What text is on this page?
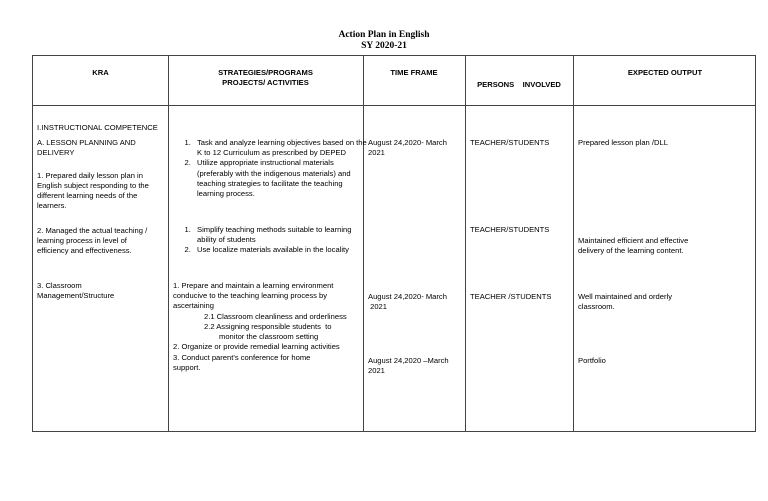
Action Plan in English
SY 2020-21
KRA	STRATEGIES/PROGRAMS
PROJECTS/ ACTIVITIES
TIME FRAME
PERSONS    INVOLVED
EXPECTED OUTPUT
I.INSTRUCTIONAL COMPETENCE
A. LESSON PLANNING AND
DELIVERY
1. Prepared daily lesson plan in
English subject responding to the
different learning needs of the
learners.
2. Managed the actual teaching /
learning process in level of
efficiency and effectiveness.
3. Classroom
Management/Structure
1. Task and analyze learning objectives based on the K to 12 Curriculum as prescribed by DEPED
2. Utilize appropriate instructional materials (preferably with the indigenous materials) and teaching strategies to facilitate the teaching learning process.
1. Simplify teaching methods suitable to learning ability of students
2. Use localize materials available in the locality
1. Prepare and maintain a learning environment
conducive to the teaching learning process by
ascertaining
2.1 Classroom cleanliness and orderliness
2.2 Assigning responsible students  to
monitor the classroom setting
2. Organize or provide remedial learning activities
3. Conduct parent's conference for home
support.
August 24,2020- March
2021
August 24,2020- March
2021
August 24,2020 –March
2021
TEACHER/STUDENTS
TEACHER/STUDENTS
TEACHER /STUDENTS
Prepared lesson plan /DLL
Maintained efficient and effective
delivery of the learning content.
Well maintained and orderly
classroom.
Portfolio
